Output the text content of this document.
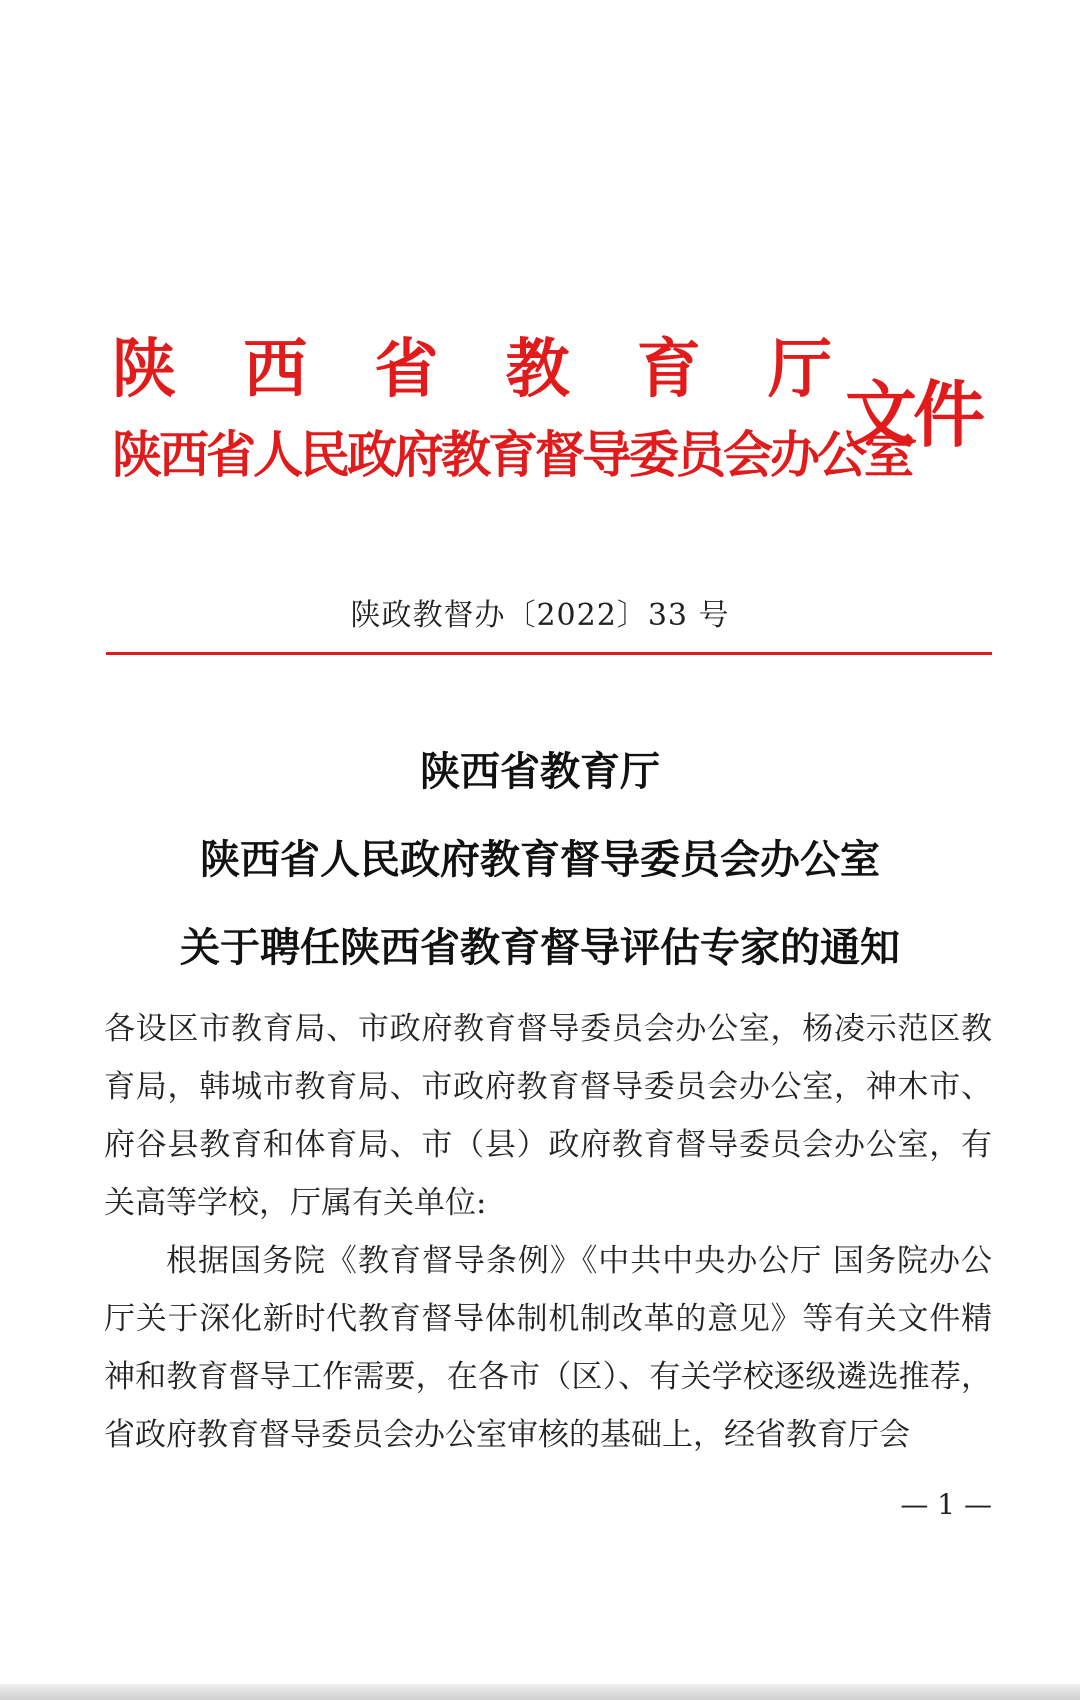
陕 西 省 教 育 厅
陕西省人民政府教育督导委员会办公室
文件
陕政教督办〔2022〕33 号
陕西省教育厅
陕西省人民政府教育督导委员会办公室
关于聘任陕西省教育督导评估专家的通知

各设区市教育局、市政府教育督导委员会办公室，杨凌示范区教育局，韩城市教育局、市政府教育督导委员会办公室，神木市、府谷县教育和体育局、市（县）政府教育督导委员会办公室，有关高等学校，厅属有关单位:

根据国务院《教育督导条例》《中共中央办公厅 国务院办公厅关于深化新时代教育督导体制机制改革的意见》等有关文件精神和教育督导工作需要，在各市（区）、有关学校逐级遴选推荐，省政府教育督导委员会办公室审核的基础上，经省教育厅会

— 1 —
